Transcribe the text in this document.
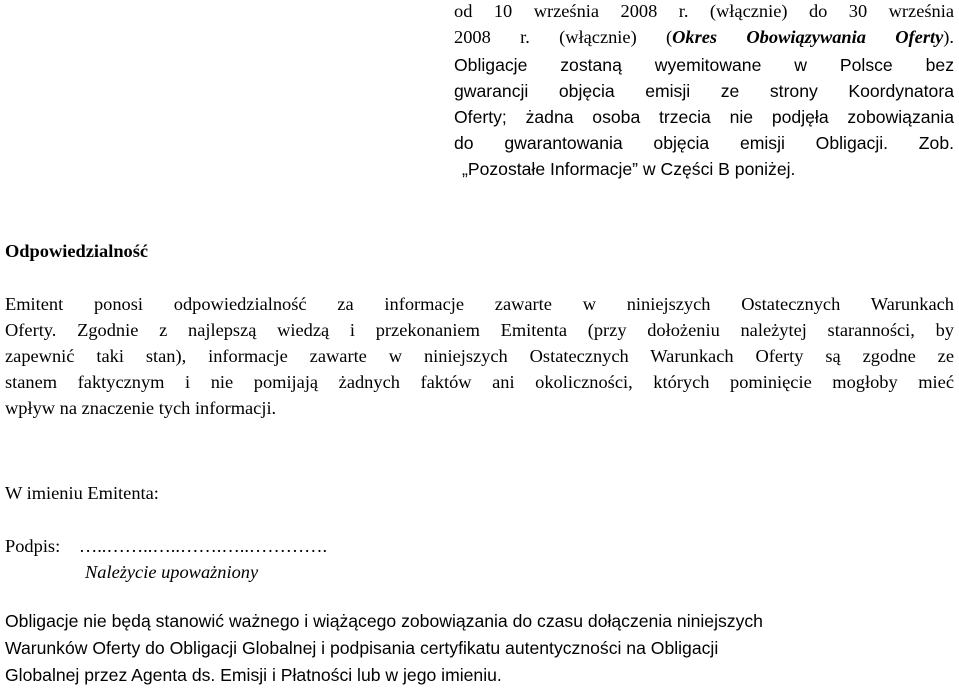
od 10 września 2008 r. (włącznie) do 30 września
2008 r. (włącznie) (Okres Obowiązywania Oferty).
Obligacje zostaną wyemitowane w Polsce bez
gwarancji objęcia emisji ze strony Koordynatora
Oferty; żadna osoba trzecia nie podjęła zobowiązania
do gwarantowania objęcia emisji Obligacji. Zob.
„Pozostałe Informacje” w Części B poniżej.
Odpowiedzialność
Emitent ponosi odpowiedzialność za informacje zawarte w niniejszych Ostatecznych Warunkach
Oferty. Zgodnie z najlepszą wiedzą i przekonaniem Emitenta (przy dołożeniu należytej staranności, by
zapewnić taki stan), informacje zawarte w niniejszych Ostatecznych Warunkach Oferty są zgodne ze
stanem faktycznym i nie pomijają żadnych faktów ani okoliczności, których pominięcie mogłoby mieć
wpływ na znaczenie tych informacji.
W imieniu Emitenta:
Podpis: …..……..…..…….…..………….
Należycie upoważniony
Obligacje nie będą stanowić ważnego i wiążącego zobowiązania do czasu dołączenia niniejszych
Warunków Oferty do Obligacji Globalnej i podpisania certyfikatu autentyczności na Obligacji
Globalnej przez Agenta ds. Emisji i Płatności lub w jego imieniu.
